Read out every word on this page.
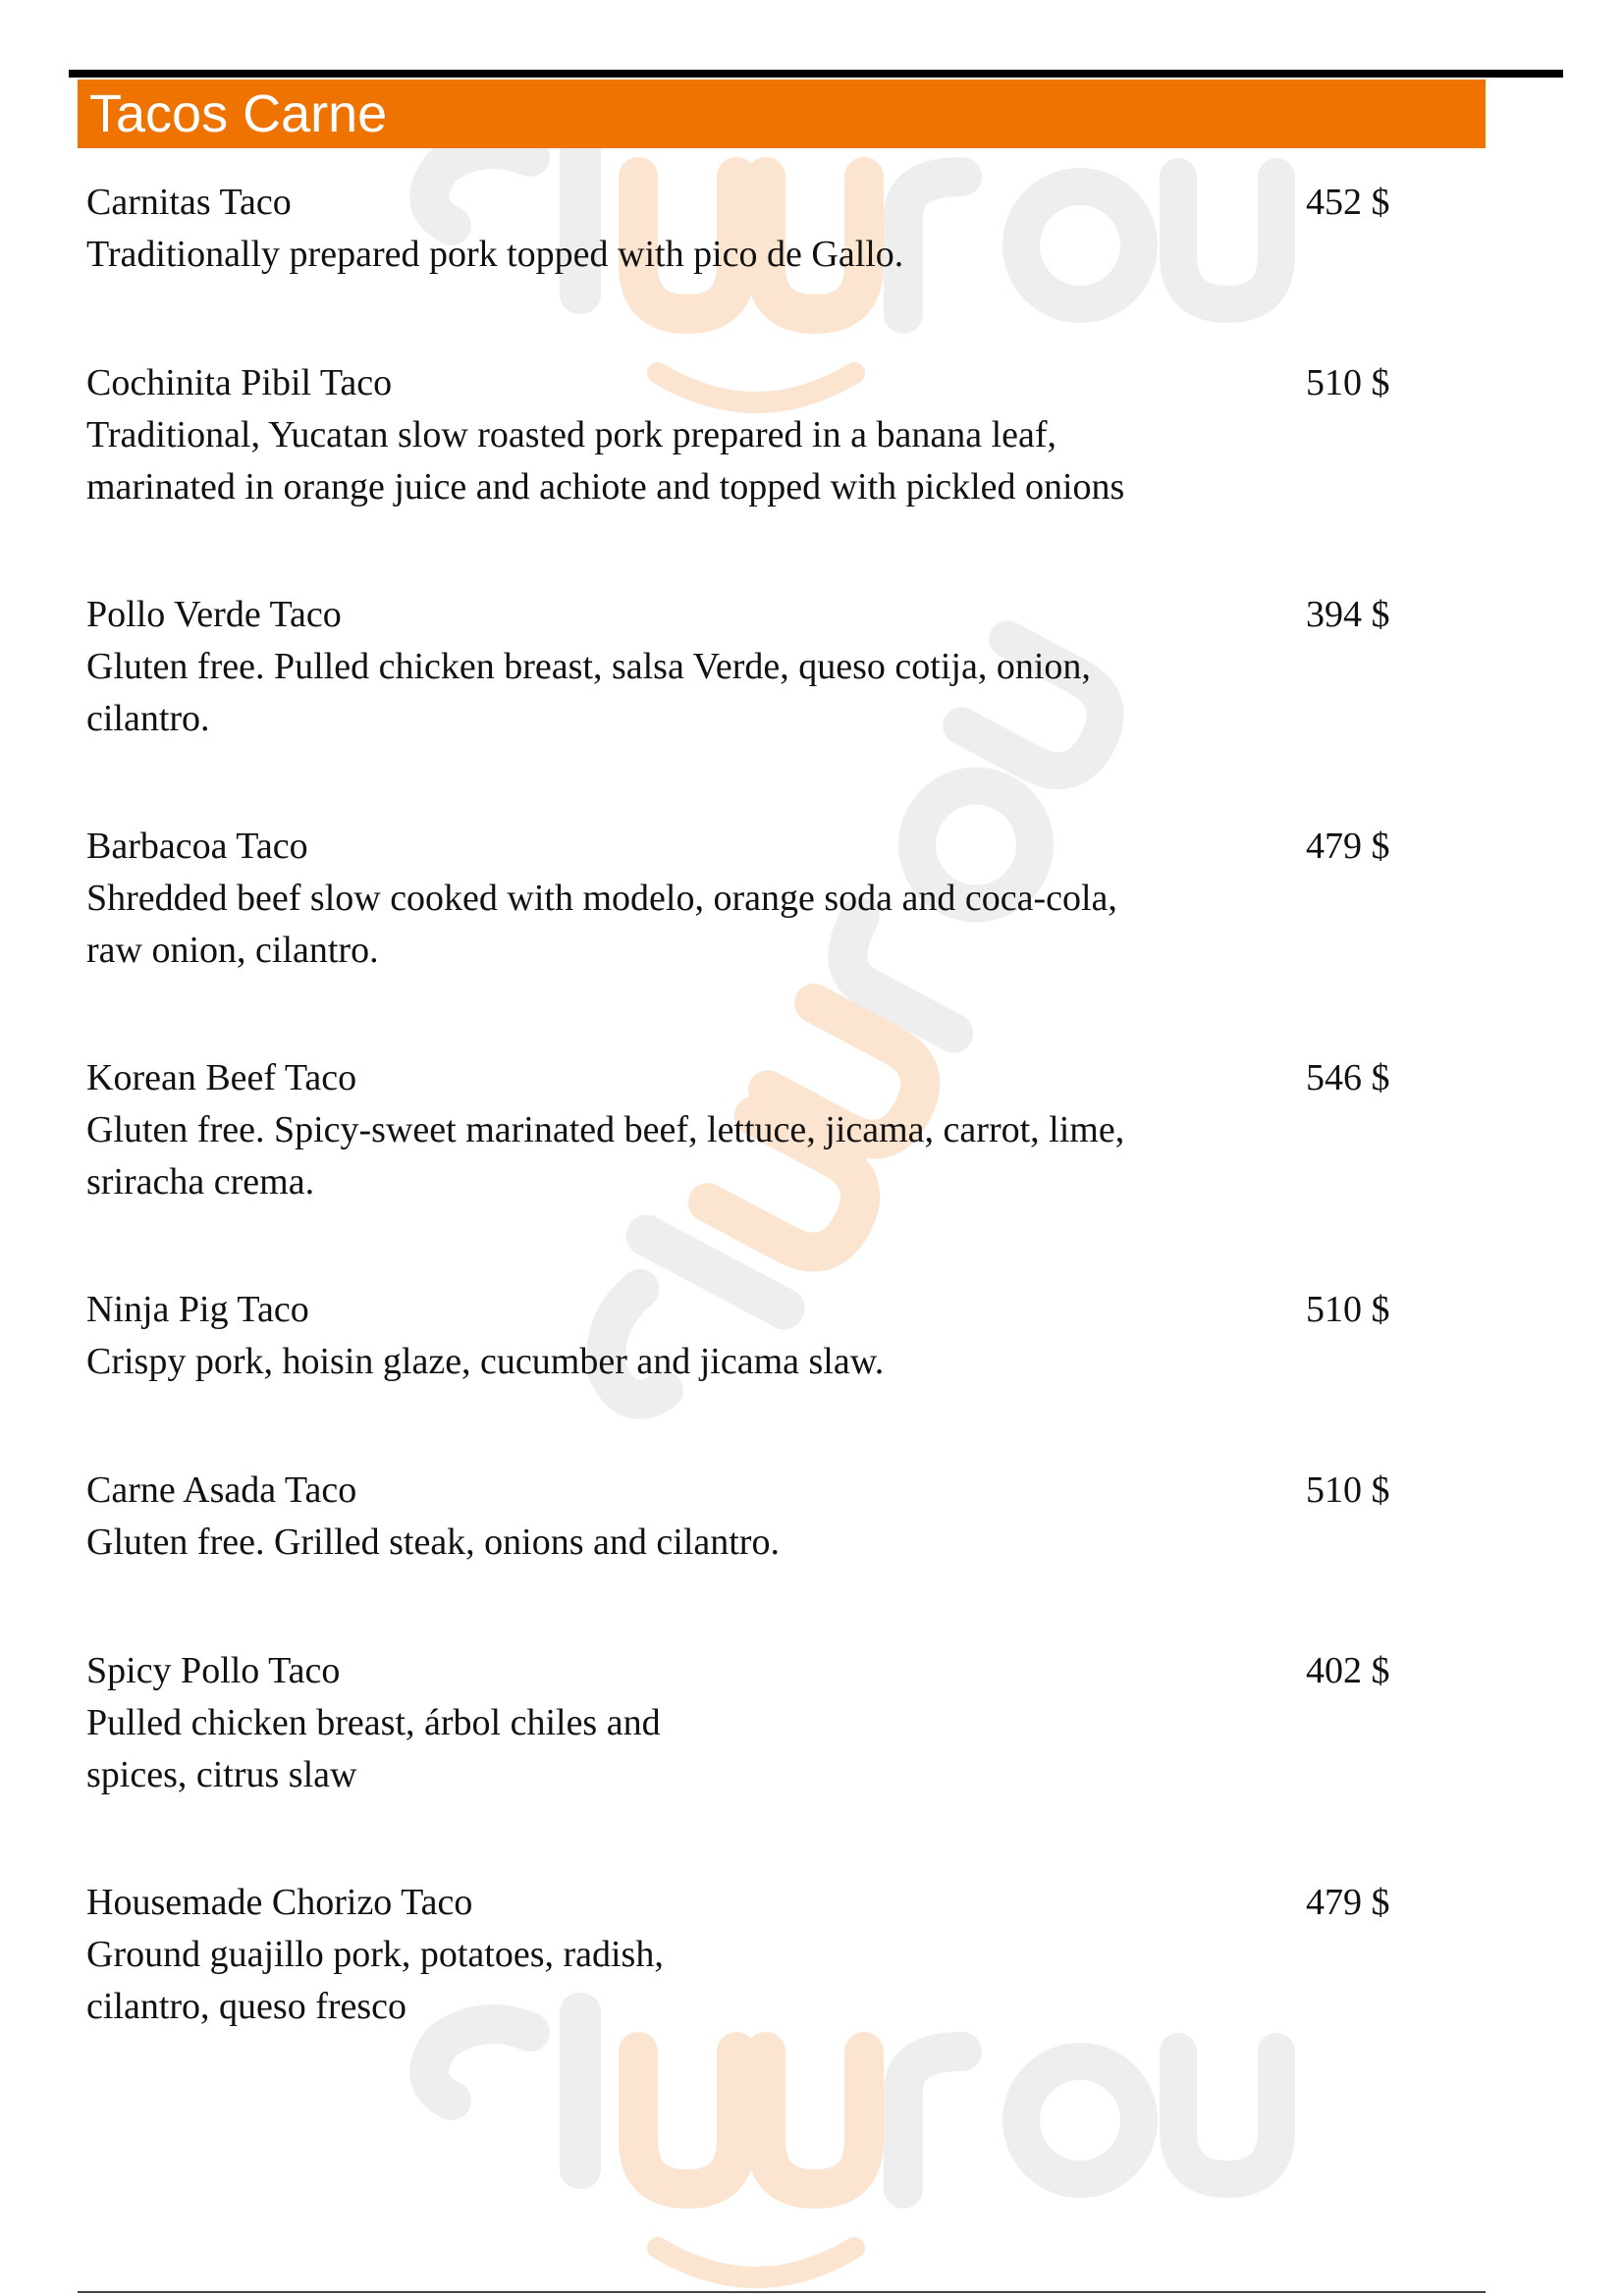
Tacos Carne
Carnitas Taco
Traditionally prepared pork topped with pico de Gallo.
452 $
Cochinita Pibil Taco
Traditional, Yucatan slow roasted pork prepared in a banana leaf,
marinated in orange juice and achiote and topped with pickled onions
510 $
Pollo Verde Taco
Gluten free. Pulled chicken breast, salsa Verde, queso cotija, onion,
cilantro.
394 $
Barbacoa Taco
Shredded beef slow cooked with modelo, orange soda and coca-cola,
raw onion, cilantro.
479 $
Korean Beef Taco
Gluten free. Spicy-sweet marinated beef, lettuce, jicama, carrot, lime,
sriracha crema.
546 $
Ninja Pig Taco
Crispy pork, hoisin glaze, cucumber and jicama slaw.
510 $
Carne Asada Taco
Gluten free. Grilled steak, onions and cilantro.
510 $
Spicy Pollo Taco
Pulled chicken breast, árbol chiles and
spices, citrus slaw
402 $
Housemade Chorizo Taco
Ground guajillo pork, potatoes, radish,
cilantro, queso fresco
479 $
